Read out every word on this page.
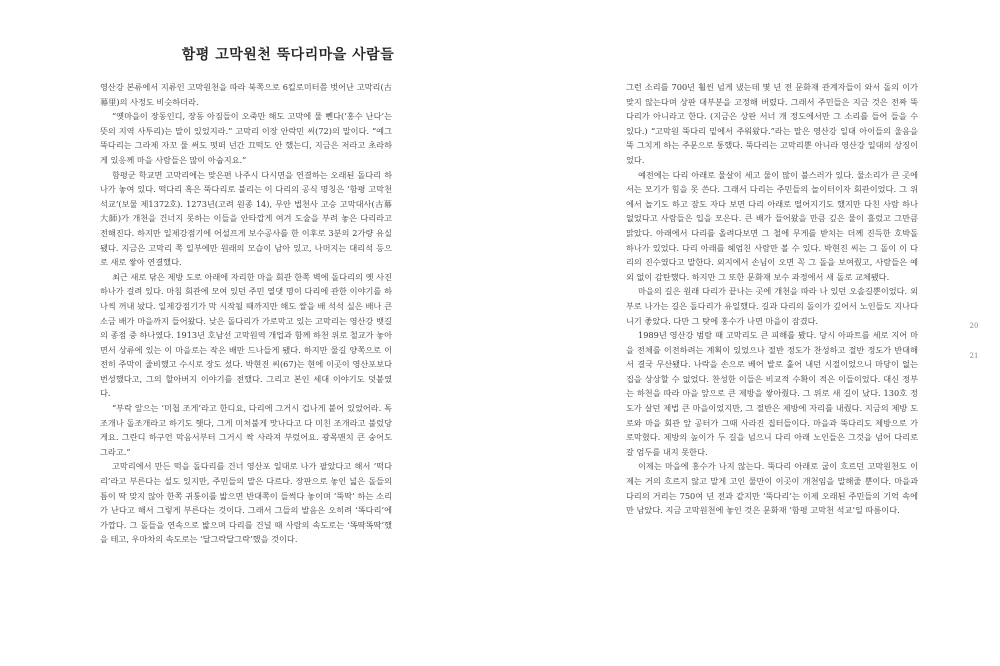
함평 고막원천 뚝다리마을 사람들

영산강 본류에서 지류인 고막원천을 따라 북쪽으로 6킬로미터쯤 벗어난 고막리(古幕里)의 사정도 비슷하더라.

“옛마을이 장동인디, 장동 아짐들이 오죽만 해도 고막에 물 뻰다(‘홍수 난다’는 뜻의 지역 사투리)는 말이 있었지라.” 고막리 이장 안락민 씨(72)의 말이다. “예그 뚝다리는 그라제 자꼬 물 써도 떳떠 넌간 끄떡도 안 했는디, 지금은 저라고 초라하게 있응께 마을 사람들은 많이 아숩지요.”

함평군 학교면 고막리에는 맞은편 나주시 다시면을 연결하는 오래된 돌다리 하나가 놓여 있다. 떡다리 혹은 뚝다리로 불리는 이 다리의 공식 명칭은 ‘함평 고막천 석교’(보물 제1372호). 1273년(고려 원종 14), 무안 법천사 고승 고막대사(古幕大師)가 개천을 건너지 못하는 이들을 안타깝게 여겨 도술을 부려 놓은 다리라고 전해진다. 하지만 일제강점기에 어설프게 보수공사를 한 이후로 3분의 2가량 유실됐다. 지금은 고막리 쪽 일부에만 원래의 모습이 남아 있고, 나머지는 대리석 등으로 새로 쌓아 연결했다.

최근 새로 닦은 제방 도로 아래에 자리한 마을 회관 한쪽 벽에 돌다리의 옛 사진 하나가 걸려 있다. 마침 회관에 모여 있던 주민 열댓 명이 다리에 관한 이야기를 하나씩 꺼내 놨다. 일제강점기가 막 시작될 때까지만 해도 쌀을 배 석석 실은 배나 큰 소금 배가 마을까지 들어왔다. 낮은 돌다리가 가로막고 있는 고막리는 영산강 뱃길의 종점 중 하나였다. 1913년 호남선 고막원역 개업과 함께 하천 위로 철교가 놓아면서 상류에 있는 이 마을로는 작은 배만 드나들게 됐다. 하지만 물길 양쪽으로 이전히 주막이 줄비했고 수시로 장도 섰다. 박현진 씨(67)는 현에 이곳이 영산포보다 번성했다고, 그의 할아버지 이야기를 전했다. 그리고 본인 세대 이야기도 덧붙였다.

“부락 앞으는 ‘미첩 조게’라고 한디요, 다리에 그거시 겁나게 붙어 있었어라. 독조개나 돌조개라고 하기도 햇다, 그게 미처불게 맛나다고 다 미친 조개라고 불렀당게요. 그란디 하구언 막음서부터 그거시 싹 사라져 부렀어요. 광목맨치 큰 숭어도 그라고.”

고막리에서 만든 떡을 돌다리를 건너 영산포 일대로 나가 팔았다고 해서 ‘떡다리’라고 부른다는 설도 있지만, 주민들의 말은 다르다. 장판으로 놓인 넓은 돌들의 틈이 딱 맞지 않아 한쪽 귀퉁이를 밟으면 반대쪽이 들썩다 놓이며 ‘뚝딱’ 하는 소리가 난다고 해서 그렇게 부른다는 것이다. 그래서 그들의 발음은 오히려 ‘똑다리’에 가깝다. 그 돌들을 연속으로 밟으며 다리를 건널 때 사람의 속도로는 ‘똑딱똑딱’했을 테고, 우마차의 속도로는 ‘달그락달그락’했을 것이다.

그런 소리를 700년 훨씬 넘게 냈는데 몇 년 전 문화재 관계자들이 와서 돌의 이가 맞지 않는다며 상판 대부분을 고정해 버렸다. 그래서 주민들은 지금 것은 전짜 뚝다리가 아니라고 한다. (지금은 상판 서너 개 정도에서만 그 소리를 들어 들을 수 있다.) “고막원 뚝다리 밑에서 주워왔다.”라는 말은 영산강 일대 아이들의 울음을 뚝 그치게 하는 주문으로 통했다. 뚝다리는 고막리뿐 아니라 영산강 일대의 상징이었다.

예전에는 다리 아래로 물살이 세고 물이 많이 불스러가 있다. 물소리가 큰 곳에서는 모기가 힘을 못 쓴다. 그래서 다리는 주민들의 놀이터이자 회관이었다. 그 위에서 놀기도 하고 잠도 자다 보면 다리 아래로 떨어지기도 했지만 다친 사람 하나 없었다고 사람들은 입을 모은다. 큰 배가 들어왔을 만큼 깊은 물이 흘렀고 그만큼 맑았다. 아래에서 다리를 올려다보면 그 철에 무게를 받치는 더께 진득한 호박돌 하나가 있었다. 다리 아래를 헤엄친 사람만 볼 수 있다. 박현진 씨는 그 돌이 이 다리의 진수였다고 말한다. 외지에서 손님이 오면 꼭 그 돌을 보여줬고, 사람들은 예외 없이 감탄했다. 하지만 그 또한 문화재 보수 과정에서 새 돌로 교체됐다.

마을의 길은 원래 다리가 끝나는 곳에 개천을 따라 나 있던 오솔길뿐이었다. 외부로 나가는 길은 돌다리가 유일했다. 길과 다리의 돌이가 깊어서 노인들도 지나다니기 좋았다. 다만 그 탓에 홍수가 나면 마을이 잠겼다.

1989년 영산강 범람 때 고막리도 큰 피해를 봤다. 당시 아파트를 세로 지어 마을 전체를 이전하려는 계획이 있었으나 절반 정도가 찬성하고 절반 정도가 반대해서 결국 무산됐다. 나락을 손으로 베어 발로 훑어 내던 시절이었으니 마당이 없는 집을 상상할 수 없었다. 찬성한 이들은 비교적 수확이 적은 이들이었다. 대신 정부는 하천을 따라 마을 앞으로 큰 제방을 쌓아줬다. 그 위로 새 길이 났다. 130호 정도가 살던 제법 큰 마을이었지만, 그 절반은 제방에 자리를 내줬다. 지금의 제방 도로와 마을 회관 앞 공터가 그때 사라진 집터들이다. 마을과 뚝다리도 제방으로 가로막혔다. 제방의 높이가 두 길을 넘으니 다리 아래 노인들은 그것을 넘어 다리로 갈 엄두를 내지 못한다.

이제는 마을에 홍수가 나지 않는다. 뚝다리 아래로 굽이 흐르던 고막원천도 이제는 거의 흐르지 않고 말게 고인 물만이 이곳이 개천임을 말해줄 뿐이다. 마을과 다리의 거리는 750여 년 전과 같지만 ‘뚝다리’는 이제 오래된 주민들의 기억 속에만 남았다. 지금 고막원천에 놓인 것은 문화재 ‘함평 고막천 석교’일 따름이다.

20
21
